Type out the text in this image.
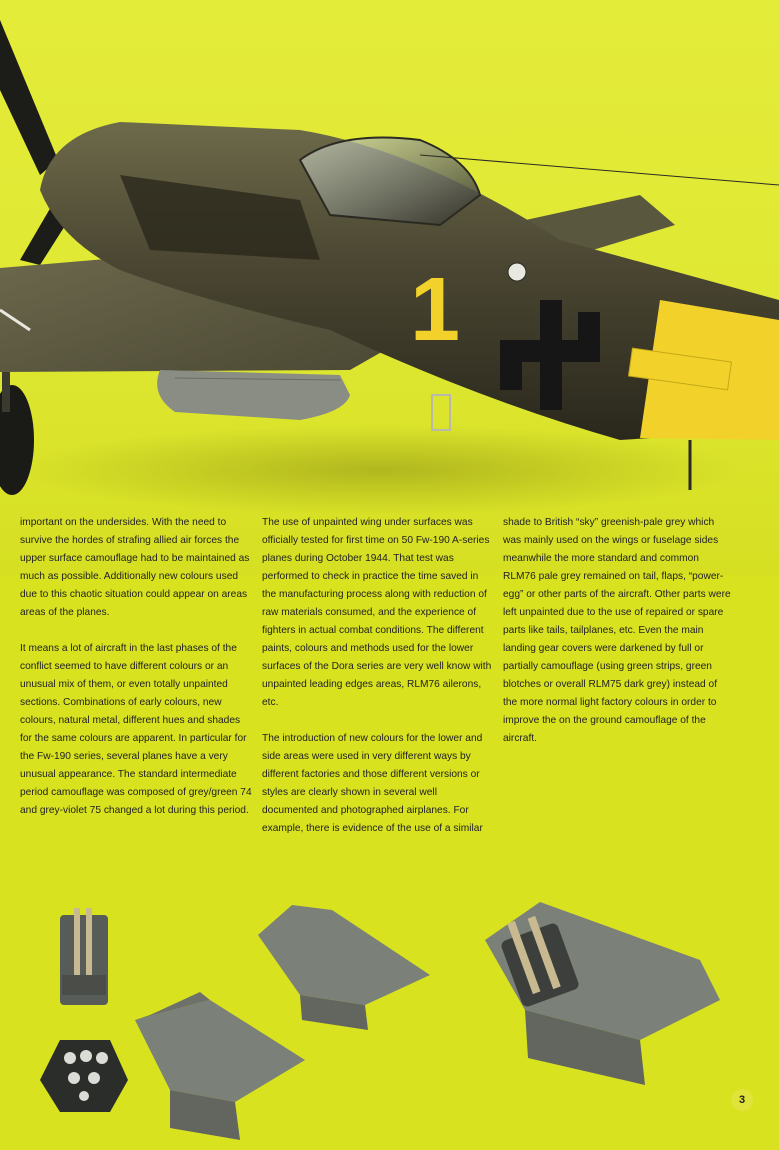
1

important on the undersides. With the need to survive the hordes of strafing allied air forces the upper surface camouflage had to be maintained as much as possible. Additionally new colours used due to this chaotic situation could appear on areas areas of the planes.

It means a lot of aircraft in the last phases of the conflict seemed to have different colours or an unusual mix of them, or even totally unpainted sections. Combinations of early colours, new colours, natural metal, different hues and shades for the same colours are apparent. In particular for the Fw-190 series, several planes have a very unusual appearance. The standard intermediate period camouflage was composed of grey/green 74 and grey-violet 75 changed a lot during this period.

The use of unpainted wing under surfaces was officially tested for first time on 50 Fw-190 A-series planes during October 1944. That test was performed to check in practice the time saved in the manufacturing process along with reduction of raw materials consumed, and the experience of fighters in actual combat conditions. The different paints, colours and methods used for the lower surfaces of the Dora series are very well know with unpainted leading edges areas, RLM76 ailerons, etc.

The introduction of new colours for the lower and side areas were used in very different ways by different factories and those different versions or styles are clearly shown in several well documented and photographed airplanes. For example, there is evidence of the use of a similar

shade to British “sky” greenish-pale grey which was mainly used on the wings or fuselage sides meanwhile the more standard and common RLM76 pale grey remained on tail, flaps, “power-egg” or other parts of the aircraft. Other parts were left unpainted due to the use of repaired or spare parts like tails, tailplanes, etc. Even the main landing gear covers were darkened by full or partially camouflage (using green strips, green blotches or overall RLM75 dark grey) instead of the more normal light factory colours in order to improve the on the ground camouflage of the aircraft.

3
